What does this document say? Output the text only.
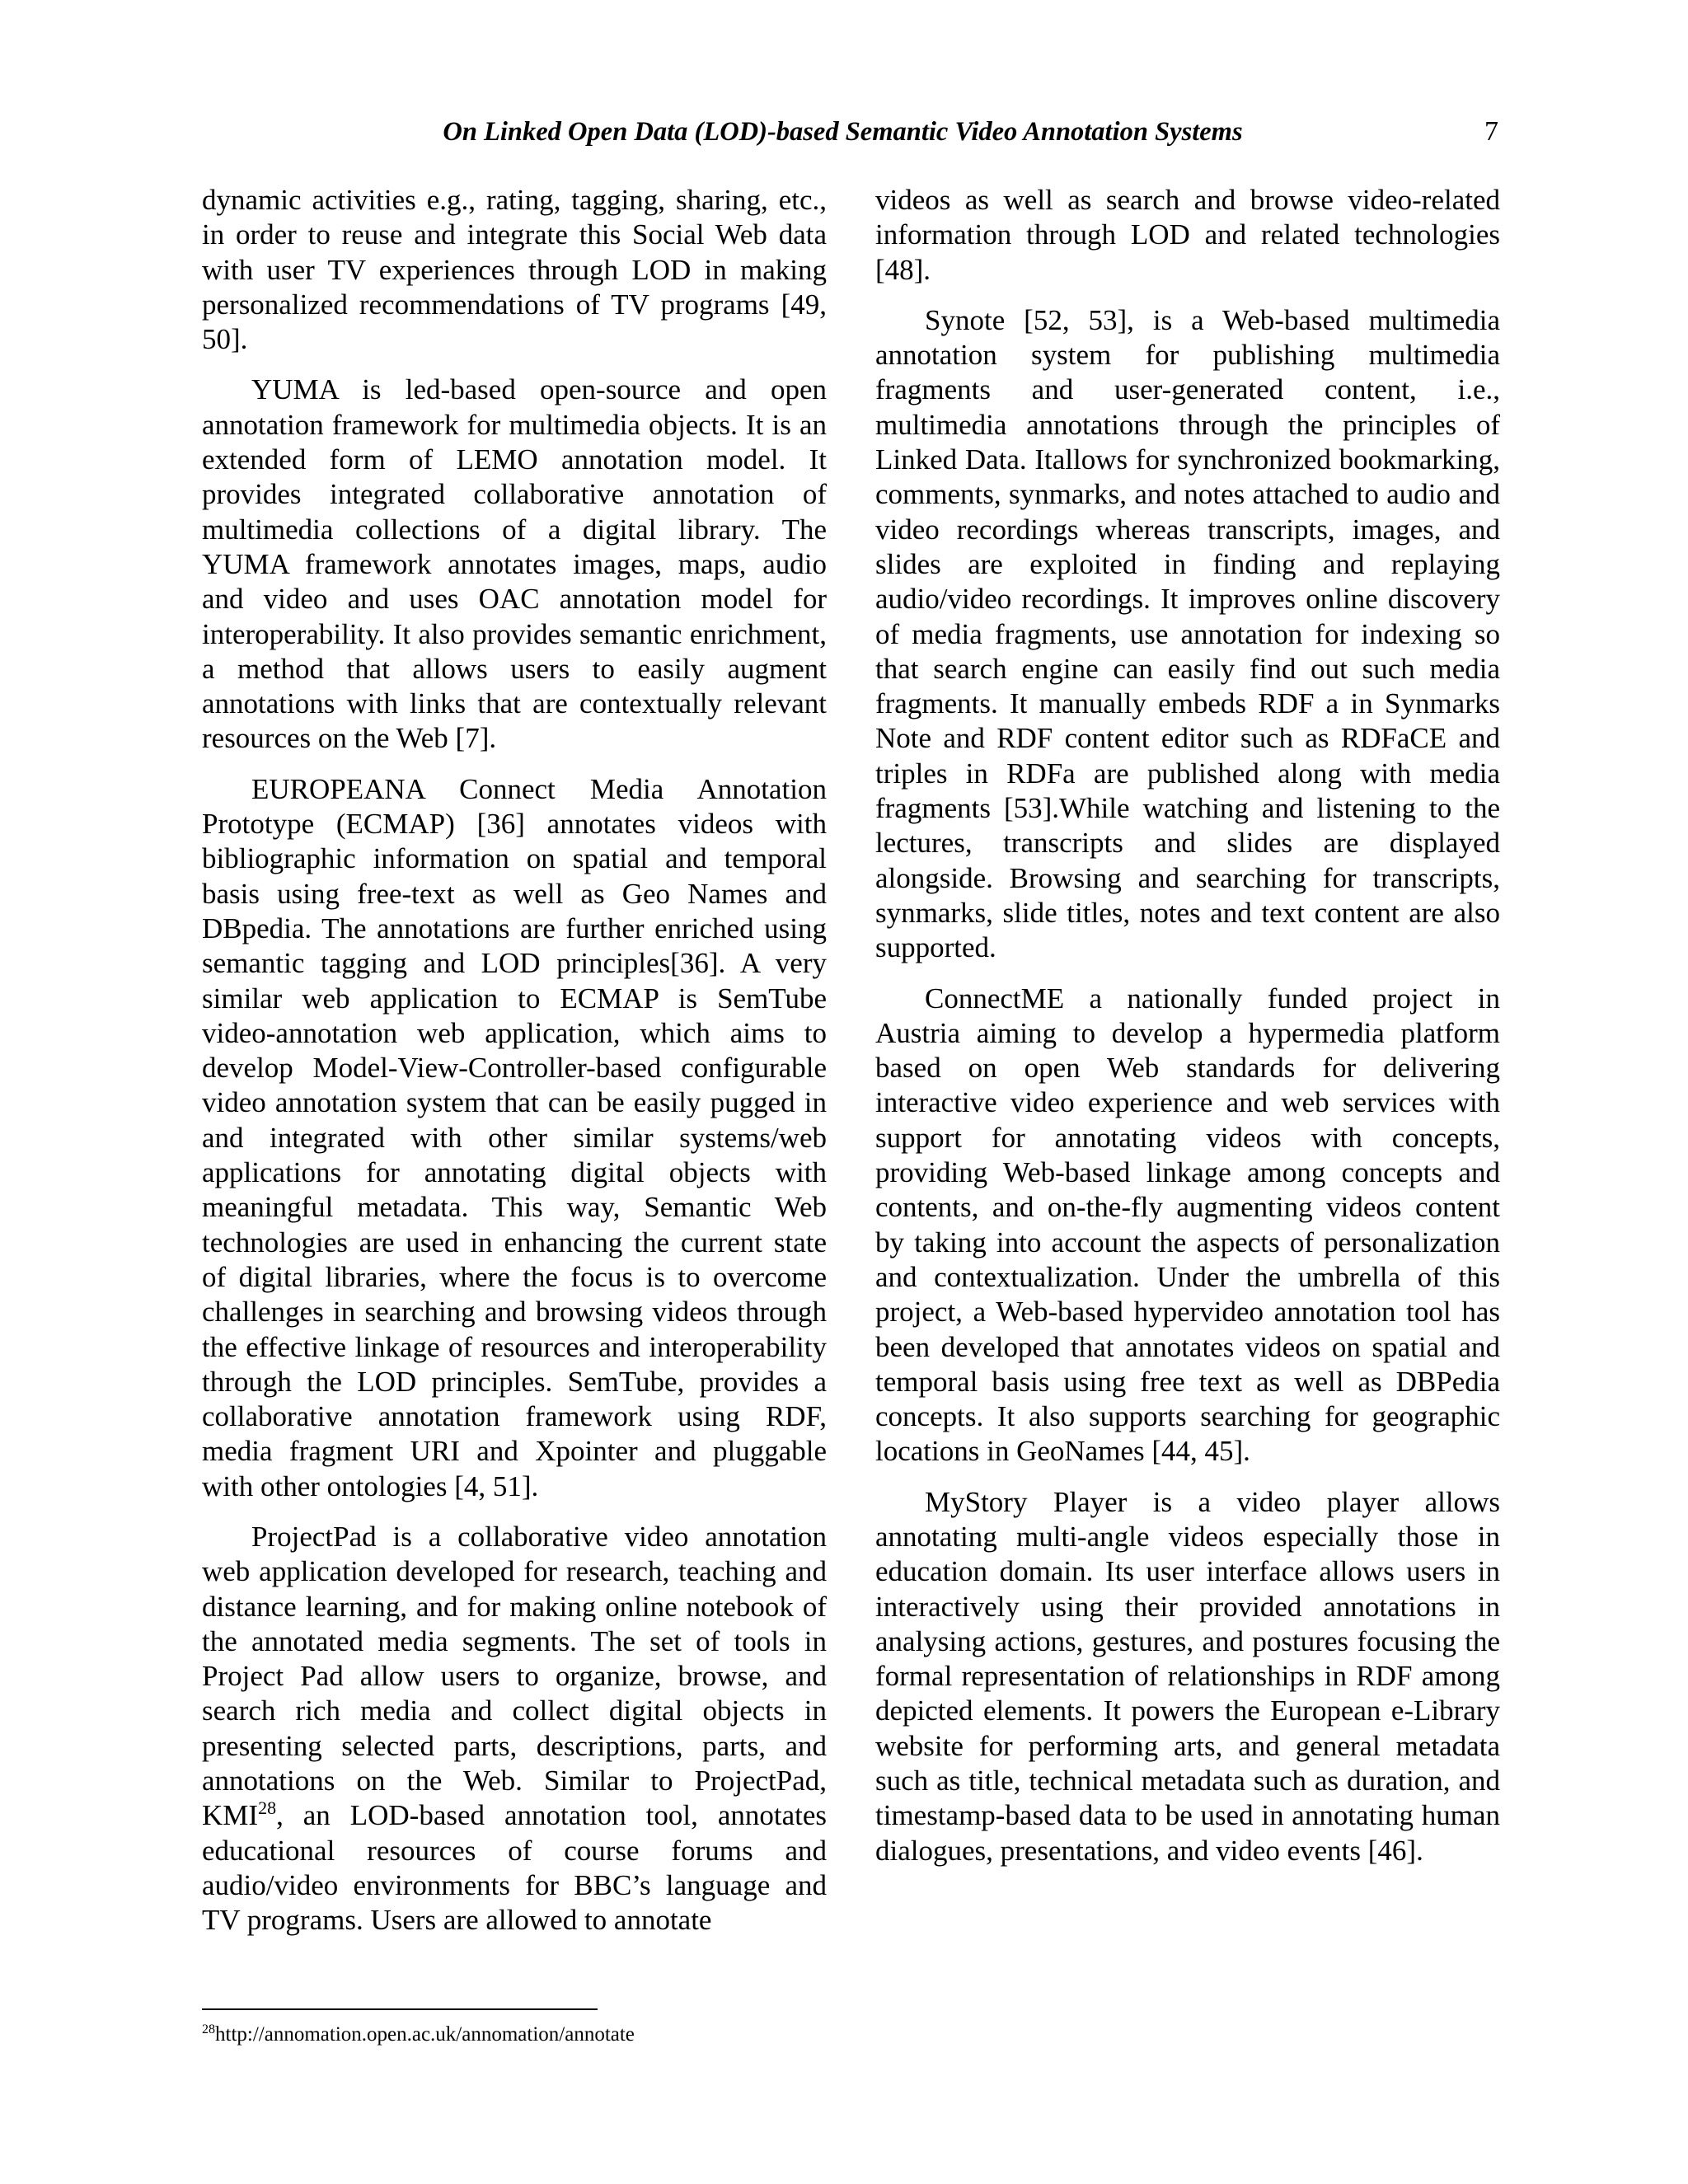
On Linked Open Data (LOD)-based Semantic Video Annotation Systems	7

dynamic activities e.g., rating, tagging, sharing, etc., in order to reuse and integrate this Social Web data with user TV experiences through LOD in making personalized recommendations of TV programs [49, 50].

YUMA is led-based open-source and open annotation framework for multimedia objects. It is an extended form of LEMO annotation model. It provides integrated collaborative annotation of multimedia collections of a digital library. The YUMA framework annotates images, maps, audio and video and uses OAC annotation model for interoperability. It also provides semantic enrichment, a method that allows users to easily augment annotations with links that are contextually relevant resources on the Web [7].

EUROPEANA Connect Media Annotation Prototype (ECMAP) [36] annotates videos with bibliographic information on spatial and temporal basis using free-text as well as Geo Names and DBpedia. The annotations are further enriched using semantic tagging and LOD principles[36]. A very similar web application to ECMAP is SemTube video-annotation web application, which aims to develop Model-View-Controller-based configurable video annotation system that can be easily pugged in and integrated with other similar systems/web applications for annotating digital objects with meaningful metadata. This way, Semantic Web technologies are used in enhancing the current state of digital libraries, where the focus is to overcome challenges in searching and browsing videos through the effective linkage of resources and interoperability through the LOD principles. SemTube, provides a collaborative annotation framework using RDF, media fragment URI and Xpointer and pluggable with other ontologies [4, 51].

ProjectPad is a collaborative video annotation web application developed for research, teaching and distance learning, and for making online notebook of the annotated media segments. The set of tools in Project Pad allow users to organize, browse, and search rich media and collect digital objects in presenting selected parts, descriptions, parts, and annotations on the Web. Similar to ProjectPad, KMI$^{28}$, an LOD-based annotation tool, annotates educational resources of course forums and audio/video environments for BBC’s language and TV programs. Users are allowed to annotate

videos as well as search and browse video-related information through LOD and related technologies [48].

Synote [52, 53], is a Web-based multimedia annotation system for publishing multimedia fragments and user-generated content, i.e., multimedia annotations through the principles of Linked Data. Itallows for synchronized bookmarking, comments, synmarks, and notes attached to audio and video recordings whereas transcripts, images, and slides are exploited in finding and replaying audio/video recordings. It improves online discovery of media fragments, use annotation for indexing so that search engine can easily find out such media fragments. It manually embeds RDF a in Synmarks Note and RDF content editor such as RDFaCE and triples in RDFa are published along with media fragments [53].While watching and listening to the lectures, transcripts and slides are displayed alongside. Browsing and searching for transcripts, synmarks, slide titles, notes and text content are also supported.

ConnectME a nationally funded project in Austria aiming to develop a hypermedia platform based on open Web standards for delivering interactive video experience and web services with support for annotating videos with concepts, providing Web-based linkage among concepts and contents, and on-the-fly augmenting videos content by taking into account the aspects of personalization and contextualization. Under the umbrella of this project, a Web-based hypervideo annotation tool has been developed that annotates videos on spatial and temporal basis using free text as well as DBPedia concepts. It also supports searching for geographic locations in GeoNames [44, 45].

MyStory Player is a video player allows annotating multi-angle videos especially those in education domain. Its user interface allows users in interactively using their provided annotations in analysing actions, gestures, and postures focusing the formal representation of relationships in RDF among depicted elements. It powers the European e-Library website for performing arts, and general metadata such as title, technical metadata such as duration, and timestamp-based data to be used in annotating human dialogues, presentations, and video events [46].

$^{28}$http://annomation.open.ac.uk/annomation/annotate
